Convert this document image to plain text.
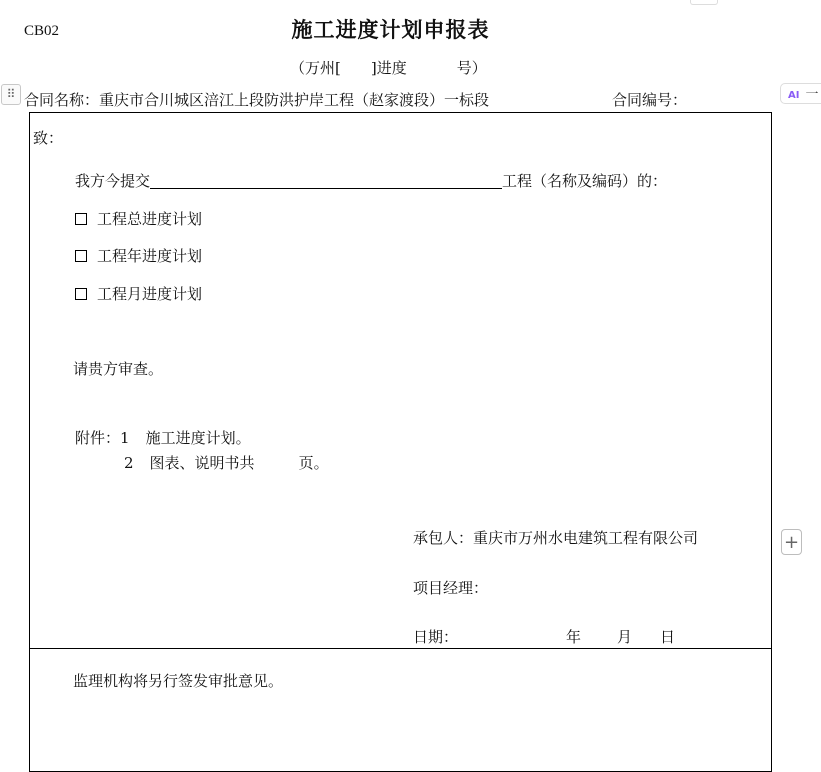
⠿	AI 一
+
CB02	施工进度计划申报表
（万州[ ]进度	号）
合同名称：重庆市合川城区涪江上段防洪护岸工程（赵家渡段）一标段	合同编号：
致：
我方今提交	工程（名称及编码）的：
工程总进度计划
工程年进度计划
工程月进度计划
请贵方审查。
附件：1 施工进度计划。
2 图表、说明书共	页。
承包人：重庆市万州水电建筑工程有限公司
项目经理：
日期：	年 月 日
监理机构将另行签发审批意见。
